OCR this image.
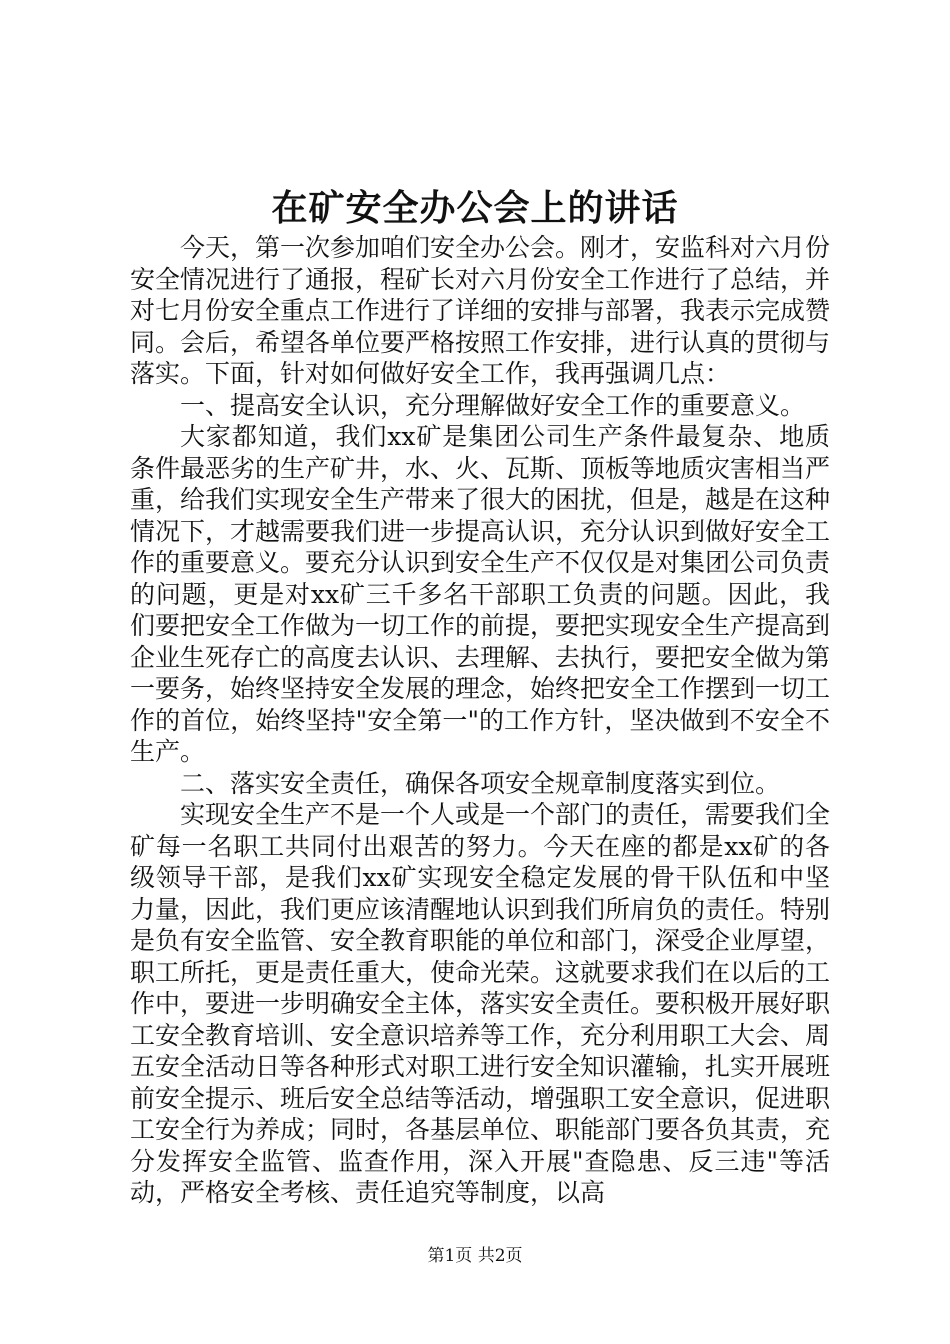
在矿安全办公会上的讲话

今天，第一次参加咱们安全办公会。刚才，安监科对六月份安全情况进行了通报，程矿长对六月份安全工作进行了总结，并对七月份安全重点工作进行了详细的安排与部署，我表示完成赞同。会后，希望各单位要严格按照工作安排，进行认真的贯彻与落实。下面，针对如何做好安全工作，我再强调几点：

一、提高安全认识，充分理解做好安全工作的重要意义。

大家都知道，我们xx矿是集团公司生产条件最复杂、地质条件最恶劣的生产矿井，水、火、瓦斯、顶板等地质灾害相当严重，给我们实现安全生产带来了很大的困扰，但是，越是在这种情况下，才越需要我们进一步提高认识，充分认识到做好安全工作的重要意义。要充分认识到安全生产不仅仅是对集团公司负责的问题，更是对xx矿三千多名干部职工负责的问题。因此，我们要把安全工作做为一切工作的前提，要把实现安全生产提高到企业生死存亡的高度去认识、去理解、去执行，要把安全做为第一要务，始终坚持安全发展的理念，始终把安全工作摆到一切工作的首位，始终坚持"安全第一"的工作方针，坚决做到不安全不生产。

二、落实安全责任，确保各项安全规章制度落实到位。

实现安全生产不是一个人或是一个部门的责任，需要我们全矿每一名职工共同付出艰苦的努力。今天在座的都是xx矿的各级领导干部，是我们xx矿实现安全稳定发展的骨干队伍和中坚力量，因此，我们更应该清醒地认识到我们所肩负的责任。特别是负有安全监管、安全教育职能的单位和部门，深受企业厚望，职工所托，更是责任重大，使命光荣。这就要求我们在以后的工作中，要进一步明确安全主体，落实安全责任。要积极开展好职工安全教育培训、安全意识培养等工作，充分利用职工大会、周五安全活动日等各种形式对职工进行安全知识灌输，扎实开展班前安全提示、班后安全总结等活动，增强职工安全意识，促进职工安全行为养成；同时，各基层单位、职能部门要各负其责，充分发挥安全监管、监查作用，深入开展"查隐患、反三违"等活动，严格安全考核、责任追究等制度，以高

第1页 共2页
